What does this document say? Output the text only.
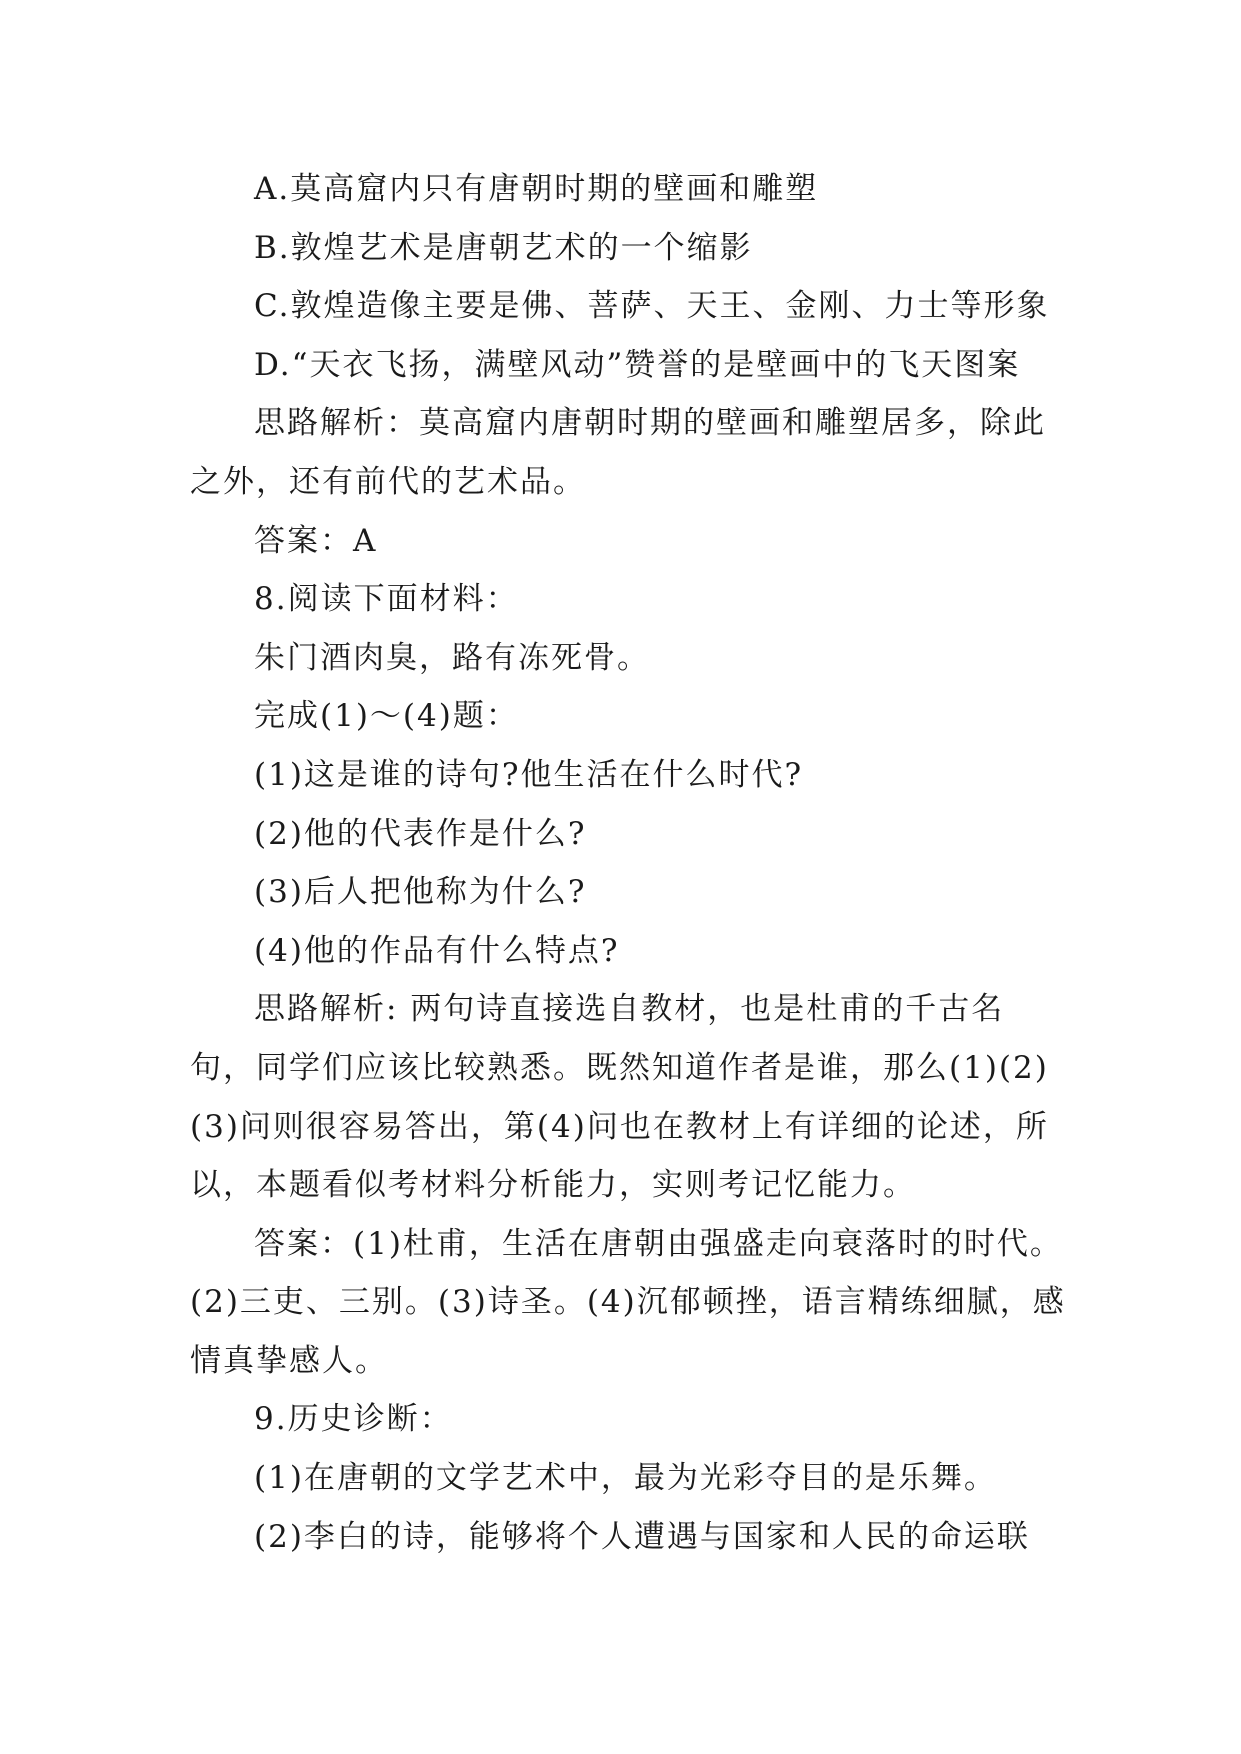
A.莫高窟内只有唐朝时期的壁画和雕塑

B.敦煌艺术是唐朝艺术的一个缩影

C.敦煌造像主要是佛、菩萨、天王、金刚、力士等形象

D.“天衣飞扬，满壁风动”赞誉的是壁画中的飞天图案

思路解析：莫高窟内唐朝时期的壁画和雕塑居多，除此之外，还有前代的艺术品。

答案：A

8.阅读下面材料：

朱门酒肉臭，路有冻死骨。

完成(1)～(4)题：

(1)这是谁的诗句?他生活在什么时代?

(2)他的代表作是什么?

(3)后人把他称为什么?

(4)他的作品有什么特点?

思路解析: 两句诗直接选自教材，也是杜甫的千古名句，同学们应该比较熟悉。既然知道作者是谁，那么(1)(2)(3)问则很容易答出，第(4)问也在教材上有详细的论述，所以，本题看似考材料分析能力，实则考记忆能力。

答案：(1)杜甫，生活在唐朝由强盛走向衰落时的时代。(2)三吏、三别。(3)诗圣。(4)沉郁顿挫，语言精练细腻，感情真挚感人。

9.历史诊断：

(1)在唐朝的文学艺术中，最为光彩夺目的是乐舞。

(2)李白的诗，能够将个人遭遇与国家和人民的命运联
